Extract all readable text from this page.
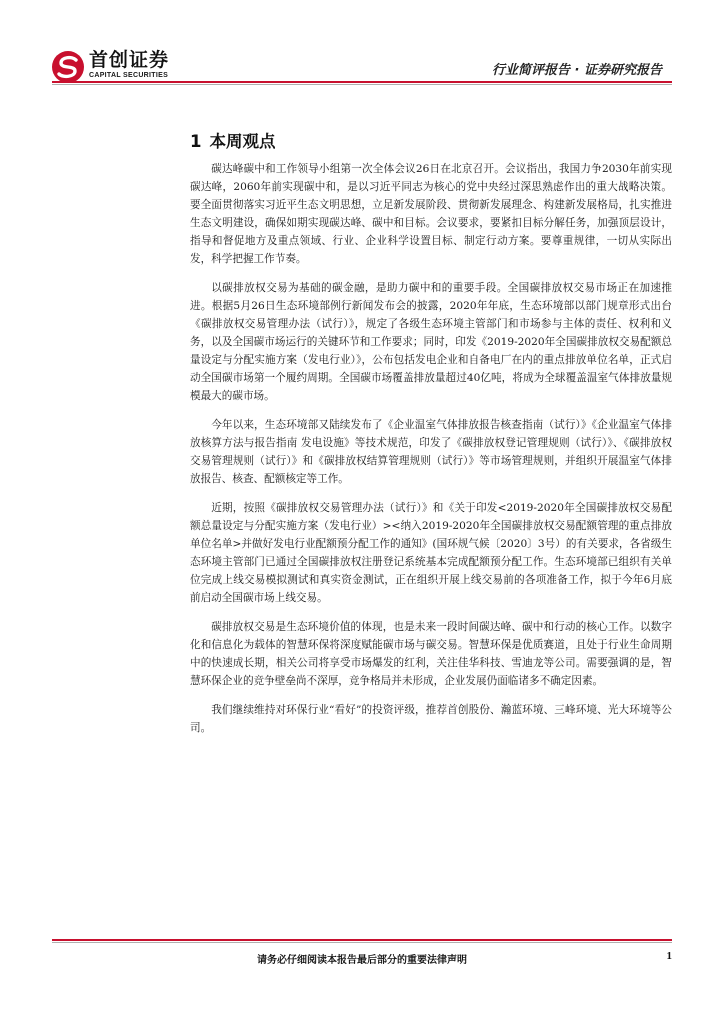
首创证券
CAPITAL SECURITIES	行业简评报告 · 证券研究报告
1 本周观点

碳达峰碳中和工作领导小组第一次全体会议26日在北京召开。会议指出，我国力争2030年前实现碳达峰，2060年前实现碳中和，是以习近平同志为核心的党中央经过深思熟虑作出的重大战略决策。要全面贯彻落实习近平生态文明思想，立足新发展阶段、贯彻新发展理念、构建新发展格局，扎实推进生态文明建设，确保如期实现碳达峰、碳中和目标。会议要求，要紧扣目标分解任务，加强顶层设计，指导和督促地方及重点领域、行业、企业科学设置目标、制定行动方案。要尊重规律，一切从实际出发，科学把握工作节奏。

以碳排放权交易为基础的碳金融，是助力碳中和的重要手段。全国碳排放权交易市场正在加速推进。根据5月26日生态环境部例行新闻发布会的披露，2020年年底，生态环境部以部门规章形式出台《碳排放权交易管理办法（试行）》，规定了各级生态环境主管部门和市场参与主体的责任、权利和义务，以及全国碳市场运行的关键环节和工作要求；同时，印发《2019-2020年全国碳排放权交易配额总量设定与分配实施方案（发电行业）》，公布包括发电企业和自备电厂在内的重点排放单位名单，正式启动全国碳市场第一个履约周期。全国碳市场覆盖排放量超过40亿吨，将成为全球覆盖温室气体排放量规模最大的碳市场。

今年以来，生态环境部又陆续发布了《企业温室气体排放报告核查指南（试行）》《企业温室气体排放核算方法与报告指南 发电设施》等技术规范，印发了《碳排放权登记管理规则（试行）》、《碳排放权交易管理规则（试行）》和《碳排放权结算管理规则（试行）》等市场管理规则，并组织开展温室气体排放报告、核查、配额核定等工作。

近期，按照《碳排放权交易管理办法（试行）》和《关于印发<2019-2020年全国碳排放权交易配额总量设定与分配实施方案（发电行业）><纳入2019-2020年全国碳排放权交易配额管理的重点排放单位名单>并做好发电行业配额预分配工作的通知》(国环规气候〔2020〕3号）的有关要求，各省级生态环境主管部门已通过全国碳排放权注册登记系统基本完成配额预分配工作。生态环境部已组织有关单位完成上线交易模拟测试和真实资金测试，正在组织开展上线交易前的各项准备工作，拟于今年6月底前启动全国碳市场上线交易。

碳排放权交易是生态环境价值的体现，也是未来一段时间碳达峰、碳中和行动的核心工作。以数字化和信息化为载体的智慧环保将深度赋能碳市场与碳交易。智慧环保是优质赛道，且处于行业生命周期中的快速成长期，相关公司将享受市场爆发的红利，关注佳华科技、雪迪龙等公司。需要强调的是，智慧环保企业的竞争壁垒尚不深厚，竞争格局并未形成，企业发展仍面临诸多不确定因素。

我们继续维持对环保行业“看好”的投资评级，推荐首创股份、瀚蓝环境、三峰环境、光大环境等公司。

请务必仔细阅读本报告最后部分的重要法律声明	1
